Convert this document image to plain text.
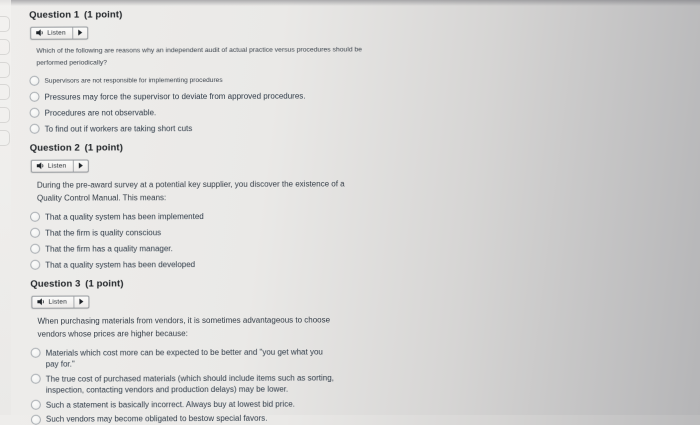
Question 1 (1 point)
Listen

Which of the following are reasons why an independent audit of actual practice versus procedures should be performed periodically?

Supervisors are not responsible for implementing procedures
Pressures may force the supervisor to deviate from approved procedures.
Procedures are not observable.
To find out if workers are taking short cuts
Question 2 (1 point)
Listen

During the pre-award survey at a potential key supplier, you discover the existence of a Quality Control Manual. This means:

That a quality system has been implemented
That the firm is quality conscious
That the firm has a quality manager.
That a quality system has been developed
Question 3 (1 point)
Listen

When purchasing materials from vendors, it is sometimes advantageous to choose vendors whose prices are higher because:

Materials which cost more can be expected to be better and "you get what you pay for."
The true cost of purchased materials (which should include items such as sorting, inspection, contacting vendors and production delays) may be lower.
Such a statement is basically incorrect. Always buy at lowest bid price.
Such vendors may become obligated to bestow special favors.
